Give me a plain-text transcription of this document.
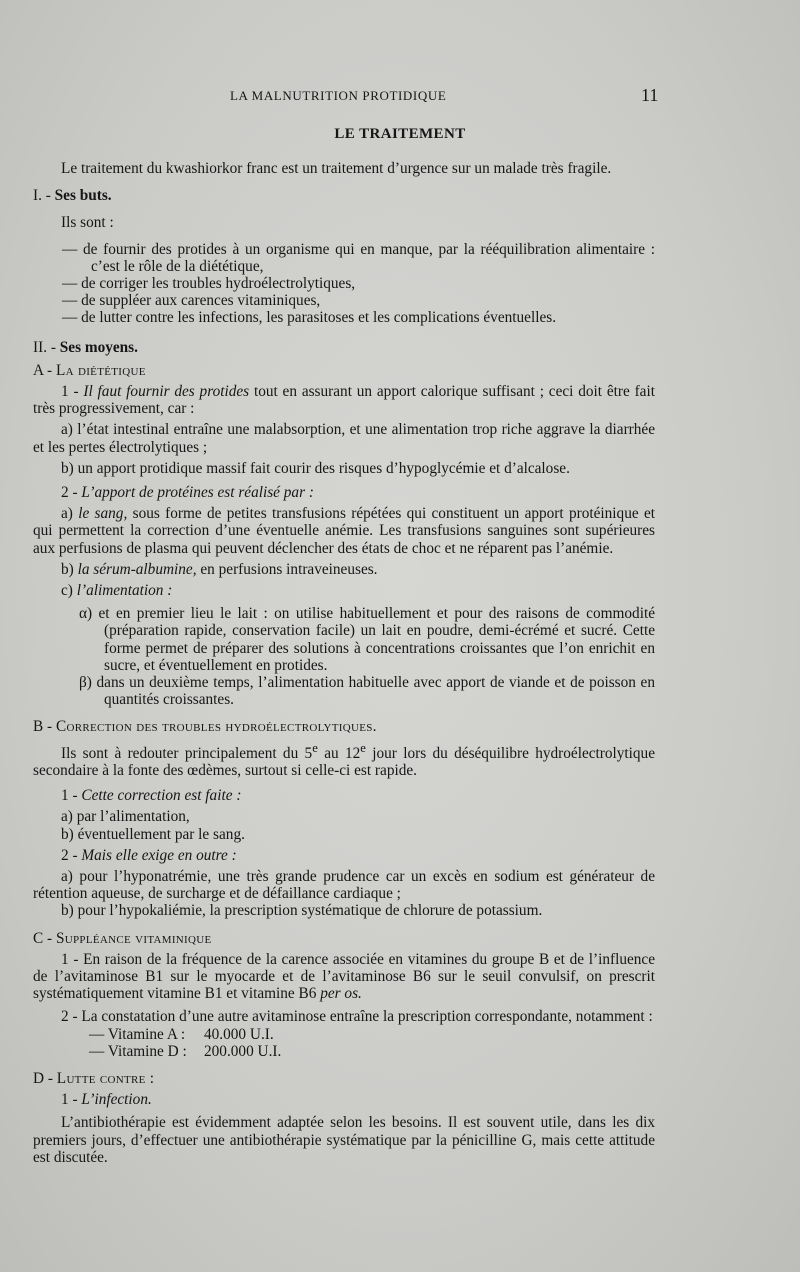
LA MALNUTRITION PROTIDIQUE	11
LE TRAITEMENT

Le traitement du kwashiorkor franc est un traitement d’urgence sur un malade très fragile.

I. - Ses buts.

Ils sont :

— de fournir des protides à un organisme qui en manque, par la rééquilibration alimentaire : c’est le rôle de la diététique,

— de corriger les troubles hydroélectrolytiques,

— de suppléer aux carences vitaminiques,

— de lutter contre les infections, les parasitoses et les complications éventuelles.

II. - Ses moyens.

A - La diététique

1 - Il faut fournir des protides tout en assurant un apport calorique suffisant ; ceci doit être fait très progressivement, car :

a) l’état intestinal entraîne une malabsorption, et une alimentation trop riche aggrave la diarrhée et les pertes électrolytiques ;

b) un apport protidique massif fait courir des risques d’hypoglycémie et d’alcalose.

2 - L’apport de protéines est réalisé par :

a) le sang, sous forme de petites transfusions répétées qui constituent un apport protéinique et qui permettent la correction d’une éventuelle anémie. Les transfusions sanguines sont supérieures aux perfusions de plasma qui peuvent déclencher des états de choc et ne réparent pas l’anémie.

b) la sérum-albumine, en perfusions intraveineuses.

c) l’alimentation :

α) et en premier lieu le lait : on utilise habituellement et pour des raisons de commodité (préparation rapide, conservation facile) un lait en poudre, demi-écrémé et sucré. Cette forme permet de préparer des solutions à concentrations croissantes que l’on enrichit en sucre, et éventuellement en protides.

β) dans un deuxième temps, l’alimentation habituelle avec apport de viande et de poisson en quantités croissantes.

B - Correction des troubles hydroélectrolytiques.

Ils sont à redouter principalement du 5e au 12e jour lors du déséquilibre hydroélectrolytique secondaire à la fonte des œdèmes, surtout si celle-ci est rapide.

1 - Cette correction est faite :

a) par l’alimentation,

b) éventuellement par le sang.

2 - Mais elle exige en outre :

a) pour l’hyponatrémie, une très grande prudence car un excès en sodium est générateur de rétention aqueuse, de surcharge et de défaillance cardiaque ;

b) pour l’hypokaliémie, la prescription systématique de chlorure de potassium.

C - Suppléance vitaminique

1 - En raison de la fréquence de la carence associée en vitamines du groupe B et de l’influence de l’avitaminose B1 sur le myocarde et de l’avitaminose B6 sur le seuil convulsif, on prescrit systématiquement vitamine B1 et vitamine B6 per os.

2 - La constatation d’une autre avitaminose entraîne la prescription correspondante, notamment :

— Vitamine A : 40.000 U.I.

— Vitamine D : 200.000 U.I.

D - Lutte contre :

1 - L’infection.

L’antibiothérapie est évidemment adaptée selon les besoins. Il est souvent utile, dans les dix premiers jours, d’effectuer une antibiothérapie systématique par la pénicilline G, mais cette attitude est discutée.
